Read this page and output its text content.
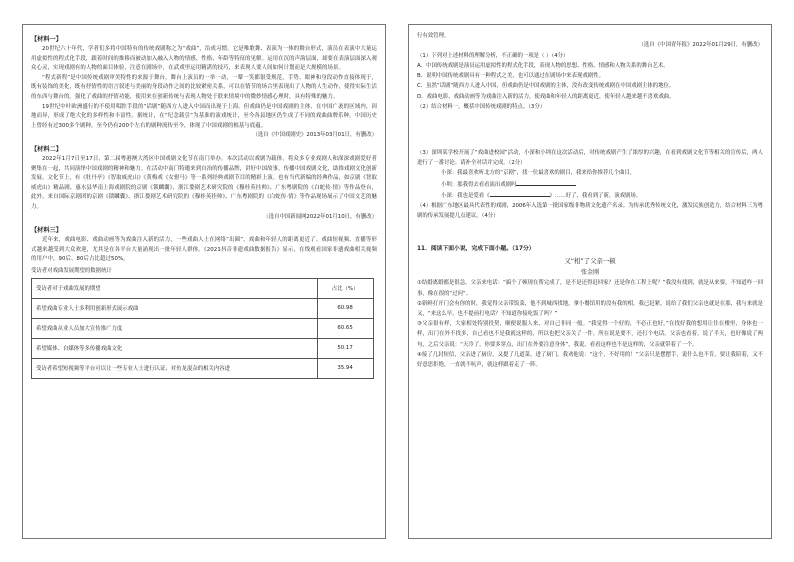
【材料一】

20世纪六十年代，学者们多将中国特有的传统戏剧称之为“戏曲”，沿成习惯。它是唯歌舞、表演为一体的舞台形式，演员在表演中大量运用虚拟性的程式化手段，跟着时间的推移而被动加入融入人物的情感、性格、年龄等特征的见解。运用在沉的声韵层面，却要在表演层面深入观众心灵，实现戏剧有的人物的面目体验，注意在剧场中，在武戏里运用精湛的技巧，来表现人要人间如何计划而是大规模的场景。

“程式新程”是中国传统戏剧审美特性的来源于舞台，舞台上演员的一举一动，一颦一笑都很受规范，手势、眼神和身段动作直接体现于，既有装饰的美化，既有抒情性的语言叙述与美丽的身段动作之间的比较紧密关系，可以在情节的场合里表现出了人物的人生动作，使得实际生活的东西与舞台的。强化了戏曲的抒情功能，使用来在创新传统与表现人物处于联来情境中的微妙情感心理时，具有特殊的魅力。

19世纪中叶欧洲盛行的不使用唱腔手段的“话剧”随西方人进入中国而出现于上海。但戏曲仍是中国戏剧的主体，在中国广袤的区域内，因地而异，形成了绝大化的多样性和丰富性。据统计，在“纪念载引”为基准的演戏统计，至今各县地区仍生成了不同的戏曲曲牌乐种。中国历史上曾经有过300多个剧种，至今仍有200个左右的剧种流传至今，体现了中国戏剧的根基与底蕴。

（选自《中国戏剧史》2013年03月01日，有删改）
【材料二】

2022年1月7日至17日，第二届粤港澳大湾区中国戏剧文化节在南门举办。本次活动以戏剧为载体，将众多专业戏剧人和深深戏剧爱好者聚集在一起，共同演绎中国戏剧的精神和魅力。在活动中南门特邀来到自治的传播品牌，讲好中国故事，传播中国戏剧文化，助推戏剧文化创新发展。文化节上，有《牡丹亭》《智取威虎山》《黄梅戏《女驸马》等一系列经典戏剧节目的精彩上演。也有当代新编的经典作品，如京剧《智取威虎山》精品剧、惠水县华南上海戏剧院的京剧《锁麟囊》、浙江婺剧艺术研究院的《穆桂英挂帅》、广东粤剧院的《白蛇传·情》等作品登台，此外，来自国际京剧团的京剧《锁麟囊》、浙江婺剧艺术研究院的《穆桂英挂帅》、广东粤剧院的《白蛇传·情》等作品现场展示了中国文艺的魅力。

（选自中国新闻网2022年01月10日，有删改）
【材料三】

近年来，戏曲电影、戏曲动画等为戏曲注入新的活力，一些戏曲人士在网络“出圈”，戏曲和年轻人的距离更近了。戏曲短视频、直播等形式越来越受到大众欢迎，尤其是在各平台大量涌现出一批年轻人群体。《2021抖音非遗戏曲数据报告》显示，在线观看国家非遗戏曲相关视频的用户中，90后、80后占比超过50%。

受访者对戏曲发展期望的数据统计
受访者对于戏曲发展的期望	占比（%）
希望戏曲专业人士多利用创新形式展示戏曲	60.98
希望戏曲从业人员加大宣传推广力度	60.65
希望媒体、自媒体等多传播戏曲文化	50.17
受访者希望短视频等平台可以让一些专业人士进行认证、对鱼龙混杂的相关内容进	35.94
行有效管理。
（选自《中国青年报》2022年01月29日，有删改）
（1）下列对上述材料的理解分析，不正确的一项是（ ）（4分）
A．中国传统戏剧是演员运用虚拟性的程式化手段，表现人物的思想、性格、情感和人物关系的舞台艺术。
B．说明中国传统戏剧具有一种程式之美，也可以通过在剧场中来表现戏剧性。
C．虽然“话剧”随西方人进入中国，但戏曲仍是中国戏剧的主体，没有改变传统戏剧在中国戏剧主体的地位。
D．戏曲电影、戏曲动画等为戏曲注入新的活力，使戏曲和年轻人的距离更近，使年轻人越来越不喜欢戏曲。
（2）结合材料一，概括中国传统戏剧的特点。（3分）
（3）深圳某学校开展了“戏曲进校园”活动，小深和小圳在这次活动后，对传统戏剧产生了浓厚的兴趣，在看到戏剧文化节等相关的宣传后，两人进行了一番讨论。请补全对话并完成。（2分）
小深：我最喜欢听北方的“京剧”，找一位最喜欢的剧目，我来给你推荐几个曲目，
小圳：那我得去看看演出戏剧吗
小深：我也是爱看《	》……好了，我看到了新，演戏剧场。
（4）根据广东地区最具代表性的戏剧，2006年入选第一批国家级非物质文化遗产名录。为传承优秀传统文化，激发民族创造力，结合材料三为粤剧的传承发展提几点建议。（4分）
11．阅读下面小说，完成下面小题。（17分）
又“相”了父亲一顿
张金刚

①结婚离婚都是很急，父亲来电话：“搞个了顿现在帮完成了，是不是还得赶回家？还是你在工程上呢？”我没有找到，就是从来要，不知道咋一回事，像在很的“过问”。

②新鲜打开门会有你的时，我觉得父亲带饭菜，他不到城西找地，拿小餐馆用的没有我的相。我已赶紧，说给了我们父亲也就是在那，我与来就是又，“来这么早，也不提前打电话？不知道你接吃饭了吗？”

③父亲很有样，大家相处特别投契，顺便说服人来，对自己非同一般。“我觉得一个好的，不必正也好。”在找好我的想用让住在楼里，身体也一样，出门在外不找多，自己看也不是我就这样的，所以也把父亲关了一件。所在说是要不，还打个电话。父亲也看着，说了半天，也好像说了两句，之后父亲说：“天冷了，你要多穿点，出门在外要注意身体”，我说，看看这样也不是这样的，父亲就带着了一个。

④接了几封短信，父亲进了厨房，又提了几道菜，进了厨门。我劝他说：“这个，不好用的！”父亲只是摆摆手，说什么也不肯，要让我陪着，又不好意思拒绝，一直就不吭声，就这样跟着走了一阵。
